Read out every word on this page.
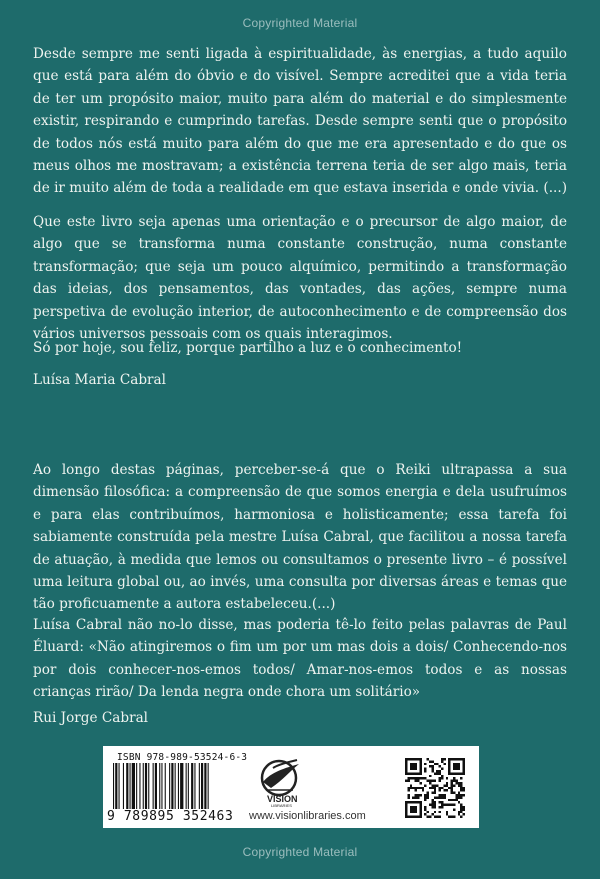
Copyrighted Material

Desde sempre me senti ligada à espiritualidade, às energias, a tudo aquilo que está para além do óbvio e do visível. Sempre acreditei que a vida teria de ter um propósito maior, muito para além do material e do simplesmente existir, respirando e cumprindo tarefas. Desde sempre senti que o propósito de todos nós está muito para além do que me era apresentado e do que os meus olhos me mostravam; a existência terrena teria de ser algo mais, teria de ir muito além de toda a realidade em que estava inserida e onde vivia. (...)

Que este livro seja apenas uma orientação e o precursor de algo maior, de algo que se transforma numa constante construção, numa constante transformação; que seja um pouco alquímico, permitindo a transformação das ideias, dos pensamentos, das vontades, das ações, sempre numa perspetiva de evolução interior, de autoconhecimento e de compreensão dos vários universos pessoais com os quais interagimos.

Só por hoje, sou feliz, porque partilho a luz e o conhecimento!

Luísa Maria Cabral

Ao longo destas páginas, perceber-se-á que o Reiki ultrapassa a sua dimensão filosófica: a compreensão de que somos energia e dela usufruímos e para elas contribuímos, harmoniosa e holisticamente; essa tarefa foi sabiamente construída pela mestre Luísa Cabral, que facilitou a nossa tarefa de atuação, à medida que lemos ou consultamos o presente livro – é possível uma leitura global ou, ao invés, uma consulta por diversas áreas e temas que tão proficuamente a autora estabeleceu.(...)

Luísa Cabral não no-lo disse, mas poderia tê-lo feito pelas palavras de Paul Éluard: «Não atingiremos o fim um por um mas dois a dois/ Conhecendo-nos por dois conhecer-nos-emos todos/ Amar-nos-emos todos e as nossas crianças rirão/ Da lenda negra onde chora um solitário»

Rui Jorge Cabral

ISBN 978-989-53524-6-3
9 789895 352463
VISION
LIBRARIES
www.visionlibraries.com
Copyrighted Material
